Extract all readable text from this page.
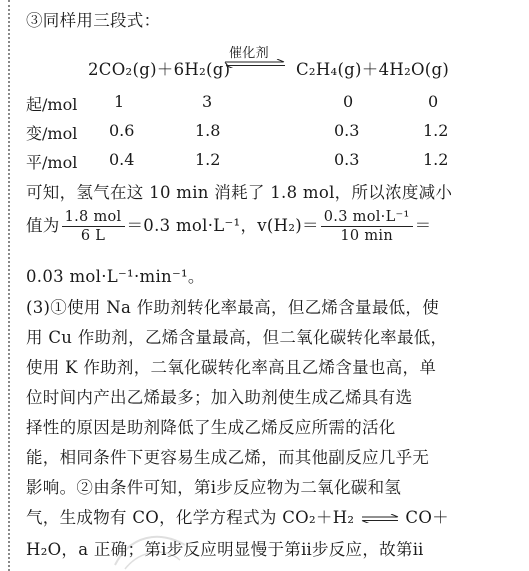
③同样用三段式：
2CO₂(g)＋6H₂(g)
催化剂
C₂H₄(g)＋4H₂O(g)
起/mol 1	3	0	0
变/mol 0.6	1.8	0.3	1.2
平/mol 0.4	1.2	0.3	1.2
可知，氢气在这 10 min 消耗了 1.8 mol，所以浓度减小
值为 $\frac{\text{1.8 mol}}{6 L} =0.3$ mol·L⁻¹，$v(H_2)= \frac{\text{0.3 mol·L⁻¹}}{10 \min}$ ＝
0.03 mol·L⁻¹·min⁻¹。
(3)①使用 Na 作助剂转化率最高，但乙烯含量最低，使
用 Cu 作助剂，乙烯含量最高，但二氧化碳转化率最低，
使用 K 作助剂，二氧化碳转化率高且乙烯含量也高，单
位时间内产出乙烯最多；加入助剂使生成乙烯具有选
择性的原因是助剂降低了生成乙烯反应所需的活化
能，相同条件下更容易生成乙烯，而其他副反应几乎无
影响。②由条件可知，第ⅰ步反应物为二氧化碳和氢
气，生成物有 CO，化学方程式为 CO₂＋H₂ ⇌ CO＋
H₂O，a 正确；第ⅰ步反应明显慢于第ⅱ步反应，故第ⅱ
